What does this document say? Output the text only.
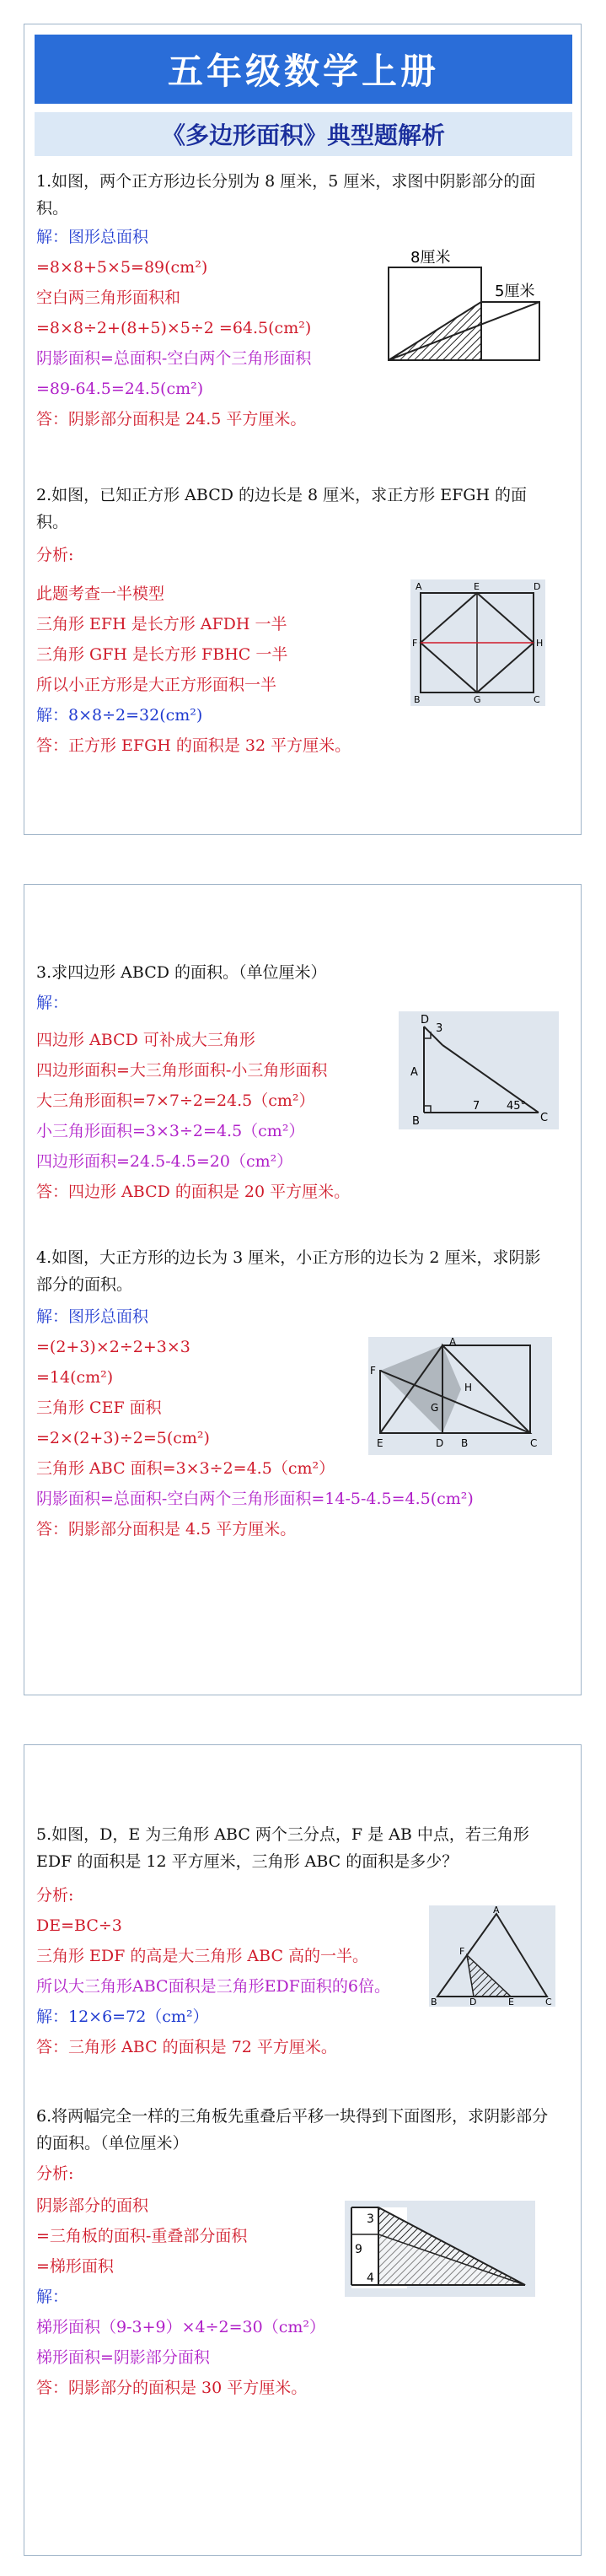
五年级数学上册
《多边形面积》典型题解析
1.如图，两个正方形边长分别为 8 厘米，5 厘米，求图中阴影部分的面积。
解：图形总面积
=8×8+5×5=89(cm²)
空白两三角形面积和
=8×8÷2+(8+5)×5÷2 =64.5(cm²)
阴影面积=总面积-空白两个三角形面积
=89-64.5=24.5(cm²)
答：阴影部分面积是 24.5 平方厘米。
8厘米
5厘米
2.如图，已知正方形 ABCD 的边长是 8 厘米，求正方形 EFGH 的面积。
分析:
此题考查一半模型
三角形 EFH 是长方形 AFDH 一半
三角形 GFH 是长方形 FBHC 一半
所以小正方形是大正方形面积一半
解：8×8÷2=32(cm²)
答：正方形 EFGH 的面积是 32 平方厘米。
A	E	D
F	H
B	G	C
3.求四边形 ABCD 的面积。（单位厘米）
解：
四边形 ABCD 可补成大三角形
四边形面积=大三角形面积-小三角形面积
大三角形面积=7×7÷2=24.5（cm²）
小三角形面积=3×3÷2=4.5（cm²）
四边形面积=24.5-4.5=20（cm²）
答：四边形 ABCD 的面积是 20 平方厘米。
D
3
A
B
7 45°
C
4.如图，大正方形的边长为 3 厘米，小正方形的边长为 2 厘米，求阴影部分的面积。
解：图形总面积
=(2+3)×2÷2+3×3
=14(cm²)
三角形 CEF 面积
=2×(2+3)÷2=5(cm²)
三角形 ABC 面积=3×3÷2=4.5（cm²）
阴影面积=总面积-空白两个三角形面积=14-5-4.5=4.5(cm²)
答：阴影部分面积是 4.5 平方厘米。
A
F
H
G
E	D B	C
5.如图，D，E 为三角形 ABC 两个三分点，F 是 AB 中点，若三角形 EDF 的面积是 12 平方厘米，三角形 ABC 的面积是多少？
分析:
DE=BC÷3
三角形 EDF 的高是大三角形 ABC 高的一半。
所以大三角形ABC面积是三角形EDF面积的6倍。
解：12×6=72（cm²）
答：三角形 ABC 的面积是 72 平方厘米。
A
F
B	D	E	C
6.将两幅完全一样的三角板先重叠后平移一块得到下面图形，求阴影部分的面积。（单位厘米）
分析:
阴影部分的面积
=三角板的面积-重叠部分面积
=梯形面积
解：
梯形面积（9-3+9）×4÷2=30（cm²）
梯形面积=阴影部分面积
答：阴影部分的面积是 30 平方厘米。
3
9
4
